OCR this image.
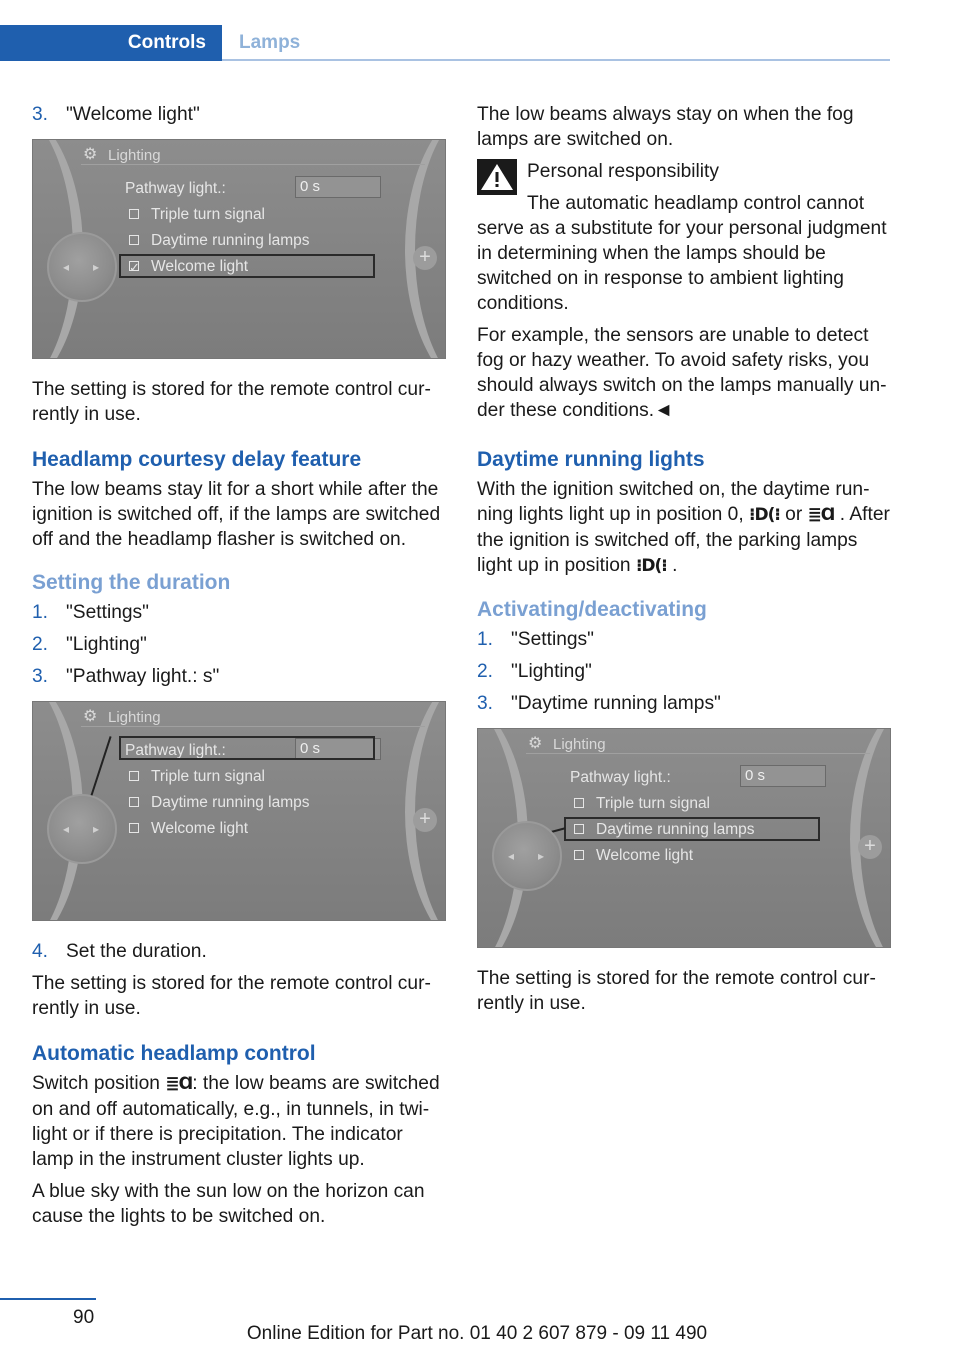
Controls Lamps
3. "Welcome light"
⚙ Lighting
Pathway light.:	0 s
Triple turn signal
Daytime running lamps
✓ Welcome light
◂ ▸	+

The setting is stored for the remote control currently in use.

Headlamp courtesy delay feature

The low beams stay lit for a short while after the ignition is switched off, if the lamps are switched off and the headlamp flasher is switched on.

Setting the duration
1. "Settings"
2. "Lighting"
3. "Pathway light.: s"
⚙ Lighting
Pathway light.:	0 s
Triple turn signal
Daytime running lamps
Welcome light
◂ ▸	+
4. Set the duration.

The setting is stored for the remote control currently in use.

Automatic headlamp control

Switch position ≣Ɑ: the low beams are switched on and off automatically, e.g., in tunnels, in twilight or if there is precipitation. The indicator lamp in the instrument cluster lights up.

A blue sky with the sun low on the horizon can cause the lights to be switched on.

The low beams always stay on when the fog lamps are switched on.

Personal responsibility

The automatic headlamp control cannot

serve as a substitute for your personal judgment in determining when the lamps should be switched on in response to ambient lighting conditions.

For example, the sensors are unable to detect fog or hazy weather. To avoid safety risks, you should always switch on the lamps manually under these conditions.◄

Daytime running lights

With the ignition switched on, the daytime running lights light up in position 0, ⁝D(⁝ or ≣Ɑ . After the ignition is switched off, the parking lamps light up in position ⁝D(⁝ .

Activating/deactivating
1. "Settings"
2. "Lighting"
3. "Daytime running lamps"
⚙ Lighting
Pathway light.:	0 s
Triple turn signal
Daytime running lamps
Welcome light
◂ ▸	+

The setting is stored for the remote control currently in use.

90
Online Edition for Part no. 01 40 2 607 879 - 09 11 490
